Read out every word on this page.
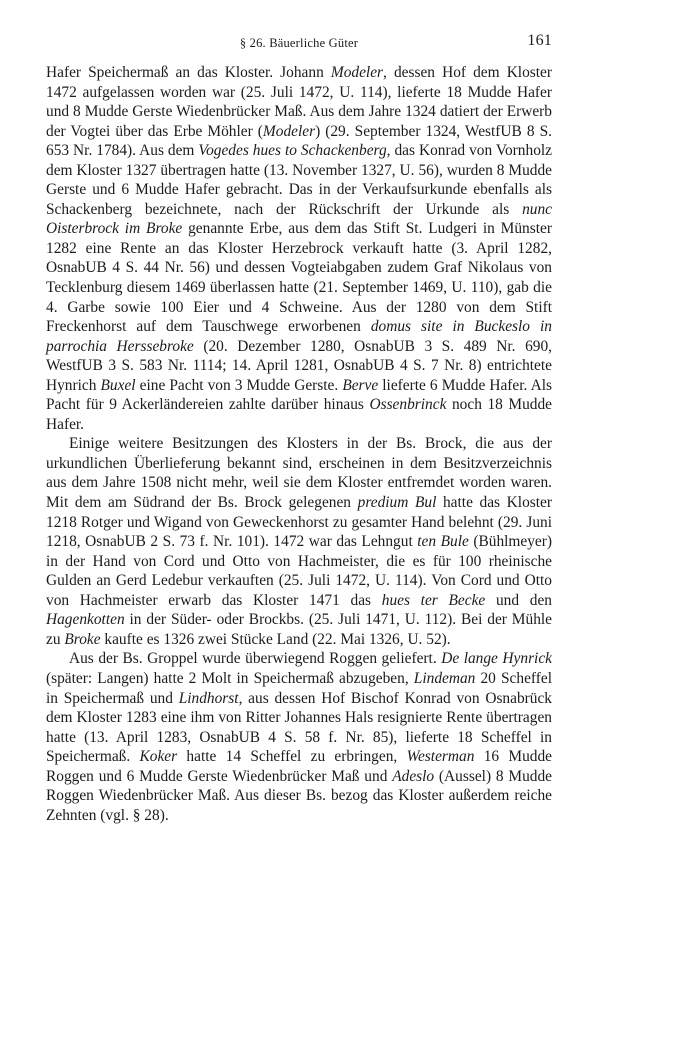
§ 26. Bäuerliche Güter	161

Hafer Speichermaß an das Kloster. Johann Modeler, dessen Hof dem Kloster 1472 aufgelassen worden war (25. Juli 1472, U. 114), lieferte 18 Mudde Hafer und 8 Mudde Gerste Wiedenbrücker Maß. Aus dem Jahre 1324 datiert der Erwerb der Vogtei über das Erbe Möhler (Modeler) (29. September 1324, WestfUB 8 S. 653 Nr. 1784). Aus dem Vogedes hues to Schackenberg, das Konrad von Vornholz dem Kloster 1327 übertragen hatte (13. November 1327, U. 56), wurden 8 Mudde Gerste und 6 Mudde Hafer gebracht. Das in der Verkaufsurkunde ebenfalls als Schackenberg bezeichnete, nach der Rückschrift der Urkunde als nunc Oisterbrock im Broke genannte Erbe, aus dem das Stift St. Ludgeri in Münster 1282 eine Rente an das Kloster Herzebrock verkauft hatte (3. April 1282, OsnabUB 4 S. 44 Nr. 56) und dessen Vogteiabgaben zudem Graf Nikolaus von Tecklenburg diesem 1469 überlassen hatte (21. September 1469, U. 110), gab die 4. Garbe sowie 100 Eier und 4 Schweine. Aus der 1280 von dem Stift Freckenhorst auf dem Tauschwege erworbenen domus site in Buckeslo in parrochia Herssebroke (20. Dezember 1280, OsnabUB 3 S. 489 Nr. 690, WestfUB 3 S. 583 Nr. 1114; 14. April 1281, OsnabUB 4 S. 7 Nr. 8) entrichtete Hynrich Buxel eine Pacht von 3 Mudde Gerste. Berve lieferte 6 Mudde Hafer. Als Pacht für 9 Ackerländereien zahlte darüber hinaus Ossenbrinck noch 18 Mudde Hafer.

Einige weitere Besitzungen des Klosters in der Bs. Brock, die aus der urkundlichen Überlieferung bekannt sind, erscheinen in dem Besitzverzeichnis aus dem Jahre 1508 nicht mehr, weil sie dem Kloster entfremdet worden waren. Mit dem am Südrand der Bs. Brock gelegenen predium Bul hatte das Kloster 1218 Rotger und Wigand von Geweckenhorst zu gesamter Hand belehnt (29. Juni 1218, OsnabUB 2 S. 73 f. Nr. 101). 1472 war das Lehngut ten Bule (Bühlmeyer) in der Hand von Cord und Otto von Hachmeister, die es für 100 rheinische Gulden an Gerd Ledebur verkauften (25. Juli 1472, U. 114). Von Cord und Otto von Hachmeister erwarb das Kloster 1471 das hues ter Becke und den Hagenkotten in der Süder- oder Brockbs. (25. Juli 1471, U. 112). Bei der Mühle zu Broke kaufte es 1326 zwei Stücke Land (22. Mai 1326, U. 52).

Aus der Bs. Groppel wurde überwiegend Roggen geliefert. De lange Hynrick (später: Langen) hatte 2 Molt in Speichermaß abzugeben, Lindeman 20 Scheffel in Speichermaß und Lindhorst, aus dessen Hof Bischof Konrad von Osnabrück dem Kloster 1283 eine ihm von Ritter Johannes Hals resignierte Rente übertragen hatte (13. April 1283, OsnabUB 4 S. 58 f. Nr. 85), lieferte 18 Scheffel in Speichermaß. Koker hatte 14 Scheffel zu erbringen, Westerman 16 Mudde Roggen und 6 Mudde Gerste Wiedenbrücker Maß und Adeslo (Aussel) 8 Mudde Roggen Wiedenbrücker Maß. Aus dieser Bs. bezog das Kloster außerdem reiche Zehnten (vgl. § 28).
